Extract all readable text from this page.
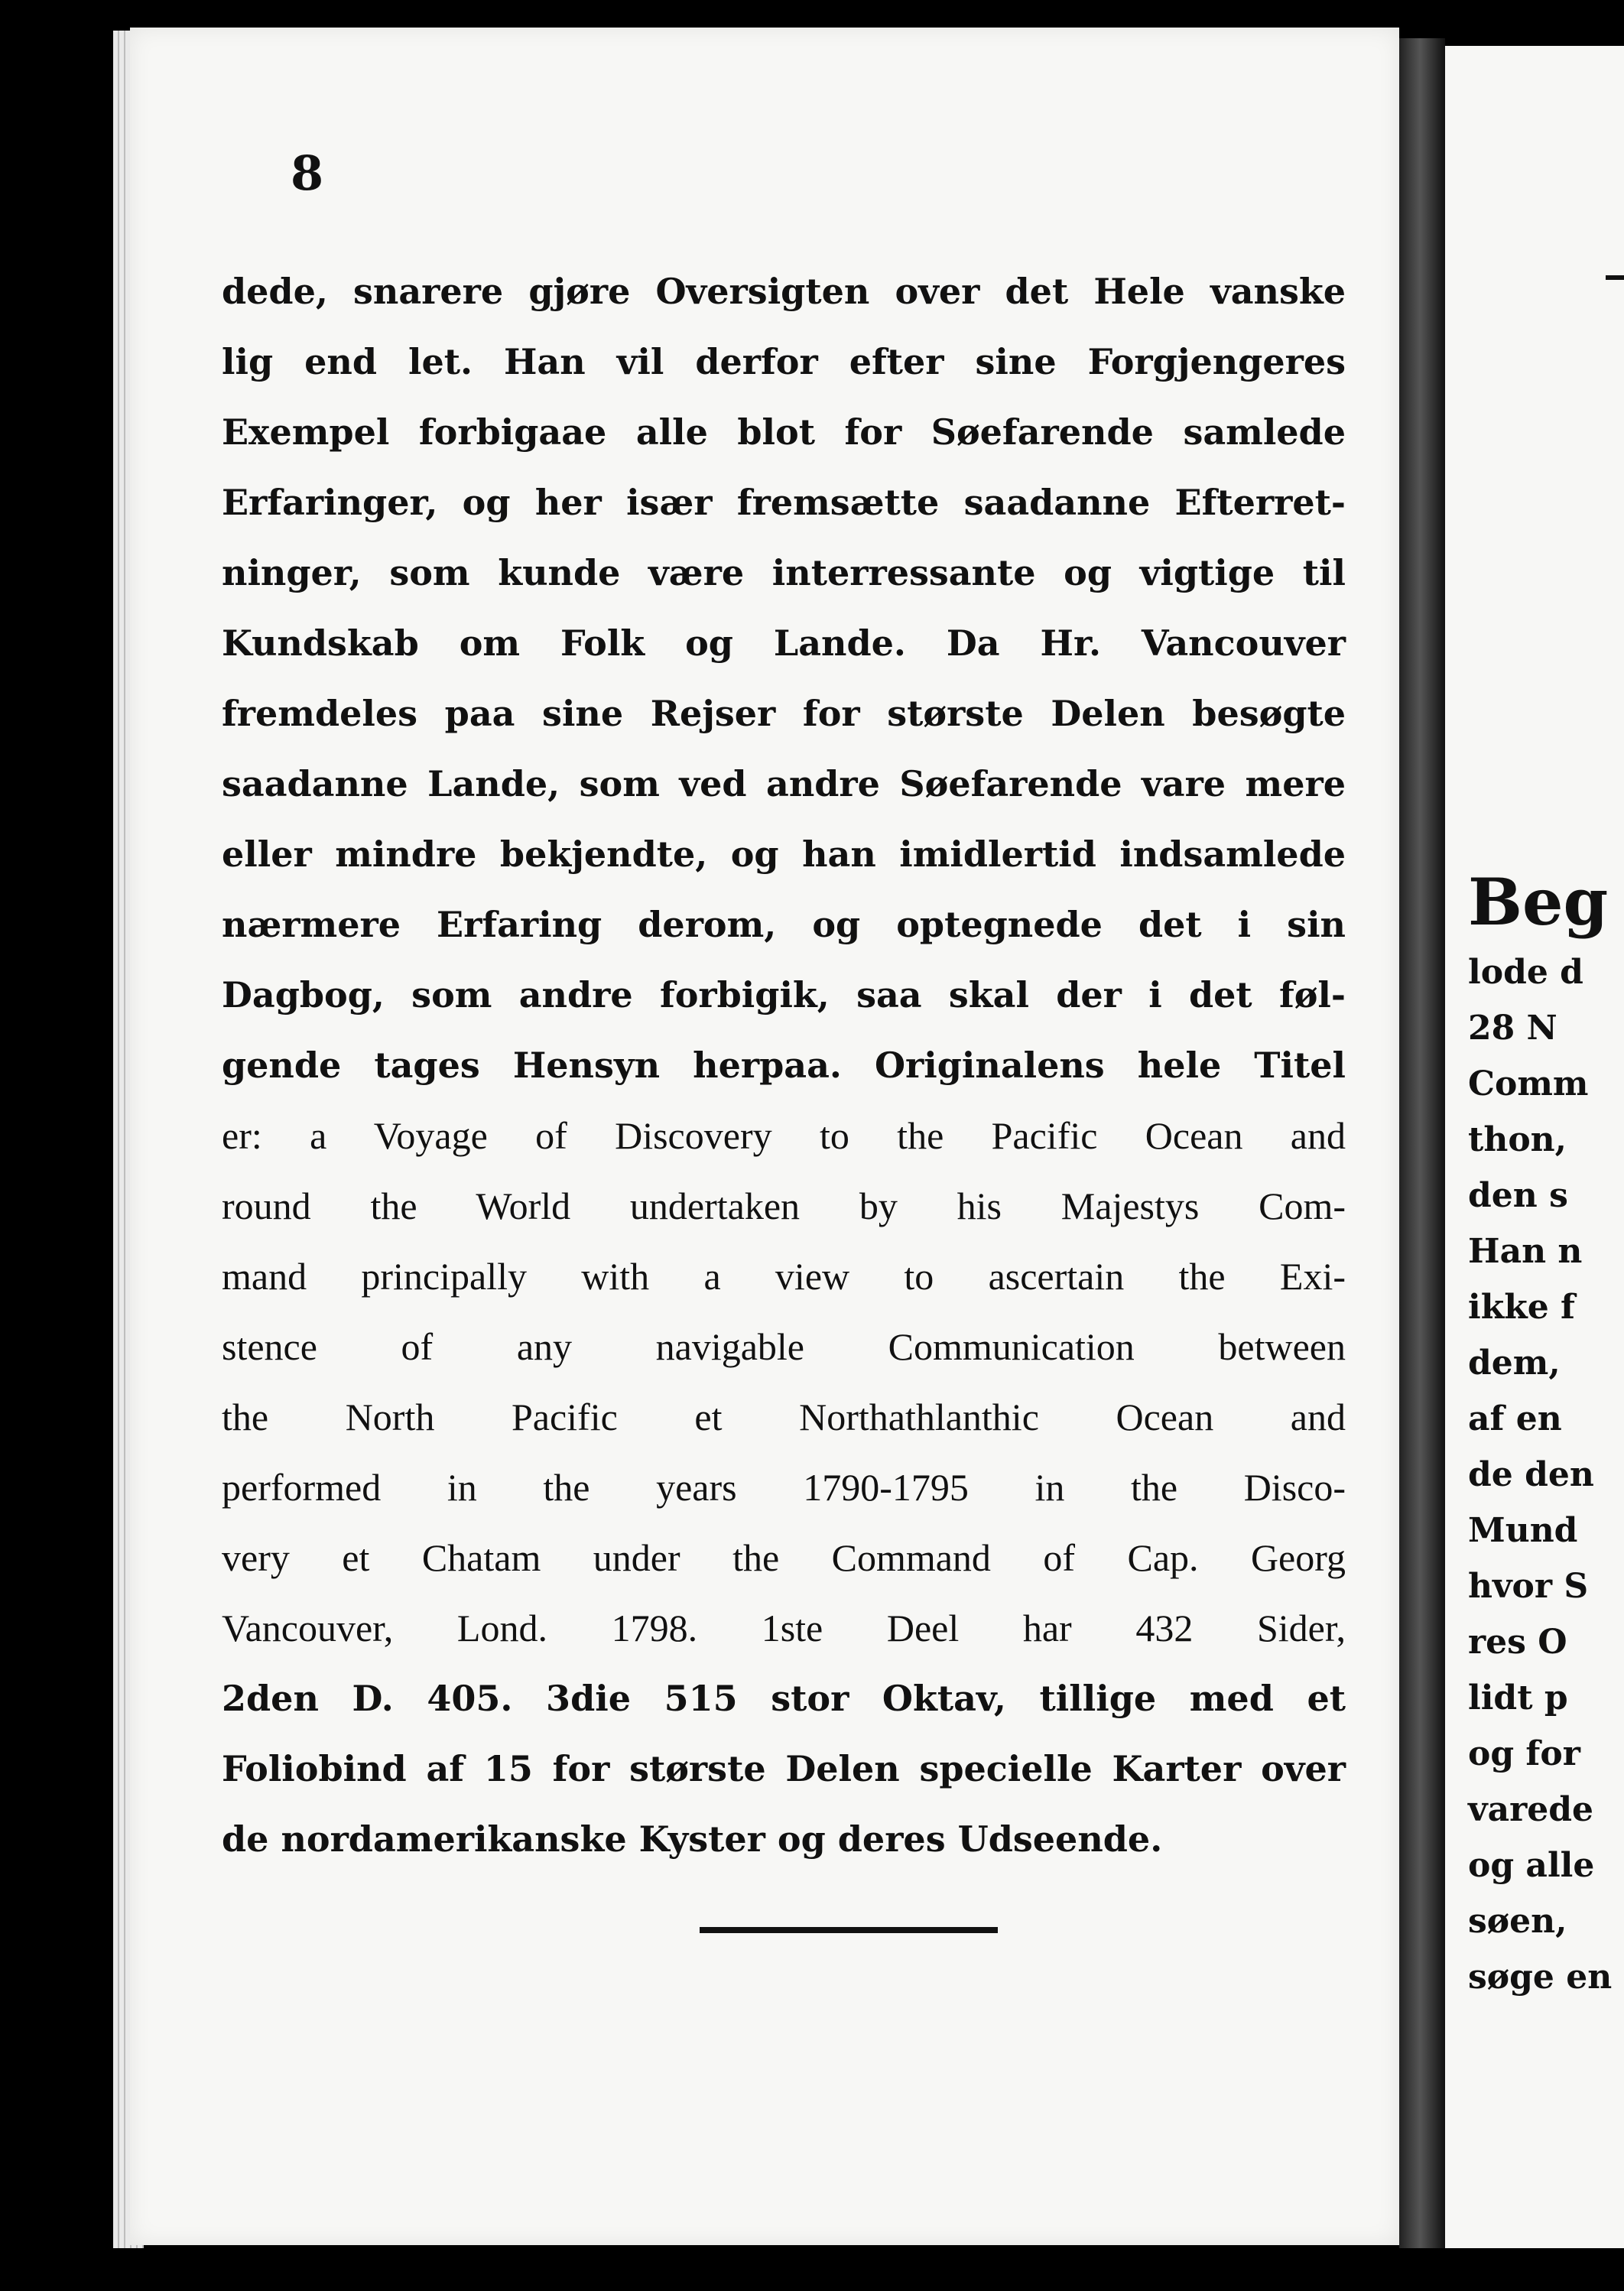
8
dede, snarere gjøre Oversigten over det Hele vanske
lig end let. Han vil derfor efter sine Forgjengeres
Exempel forbigaae alle blot for Søefarende samlede
Erfaringer, og her især fremsætte saadanne Efterret-
ninger, som kunde være interressante og vigtige til
Kundskab om Folk og Lande. Da Hr. Vancouver
fremdeles paa sine Rejser for største Delen besøgte
saadanne Lande, som ved andre Søefarende vare mere
eller mindre bekjendte, og han imidlertid indsamlede
nærmere Erfaring derom, og optegnede det i sin
Dagbog, som andre forbigik, saa skal der i det føl-
gende tages Hensyn herpaa. Originalens hele Titel
er: a Voyage of Discovery to the Pacific Ocean and
round the World undertaken by his Majestys Com-
mand principally with a view to ascertain the Exi-
stence of any navigable Communication between
the North Pacific et Northathlanthic Ocean and
performed in the years 1790-1795 in the Disco-
very et Chatam under the Command of Cap. Georg
Vancouver, Lond. 1798. 1ste Deel har 432 Sider,
2den D. 405. 3die 515 stor Oktav, tillige med et
Foliobind af 15 for største Delen specielle Karter over
de nordamerikanske Kyster og deres Udseende.
Beg
lode d
28 N
Comm
thon,
den s
Han n
ikke f
dem,
af en
de den
Mund
hvor S
res O
lidt p
og for
varede
og alle
søen,
søge en
